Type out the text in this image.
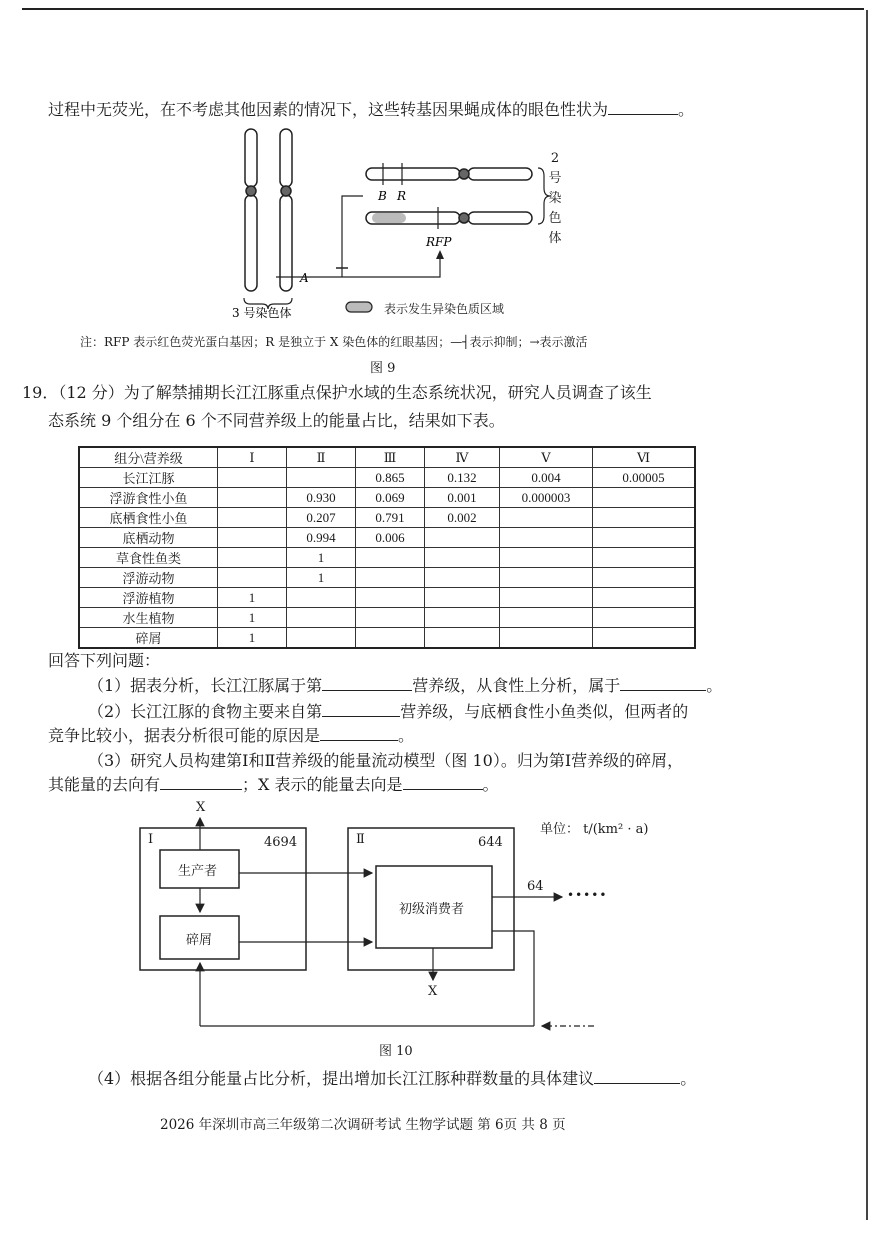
过程中无荧光，在不考虑其他因素的情况下，这些转基因果蝇成体的眼色性状为	。
A
3 号染色体
B R
RFP
2
号
染
色
体
表示发生异染色质区域
注：RFP 表示红色荧光蛋白基因；R 是独立于 X 染色体的红眼基因；—┤表示抑制；→表示激活
图 9
19．（12 分）为了解禁捕期长江江豚重点保护水域的生态系统状况，研究人员调查了该生
态系统 9 个组分在 6 个不同营养级上的能量占比，结果如下表。
组分\营养级	Ⅰ	Ⅱ	Ⅲ	Ⅳ	Ⅴ	Ⅵ
长江江豚			0.865	0.132	0.004	0.00005
浮游食性小鱼		0.930	0.069	0.001	0.000003	
底栖食性小鱼		0.207	0.791	0.002		
底栖动物		0.994	0.006			
草食性鱼类		1				
浮游动物		1				
浮游植物	1					
水生植物	1					
碎屑	1					
回答下列问题：
（1）据表分析，长江江豚属于第	营养级，从食性上分析，属于	。
（2）长江江豚的食物主要来自第	营养级，与底栖食性小鱼类似，但两者的
竞争比较小，据表分析很可能的原因是	。
（3）研究人员构建第Ⅰ和Ⅱ营养级的能量流动模型（图 10）。归为第Ⅰ营养级的碎屑，
其能量的去向有	；X 表示的能量去向是	。
X
Ⅰ	4694	Ⅱ	644
生产者
碎屑
初级消费者
64
•••••
X
单位： t/(km² · a)
图 10
（4）根据各组分能量占比分析，提出增加长江江豚种群数量的具体建议	。
2026 年深圳市高三年级第二次调研考试 生物学试题 第 6页 共 8 页
